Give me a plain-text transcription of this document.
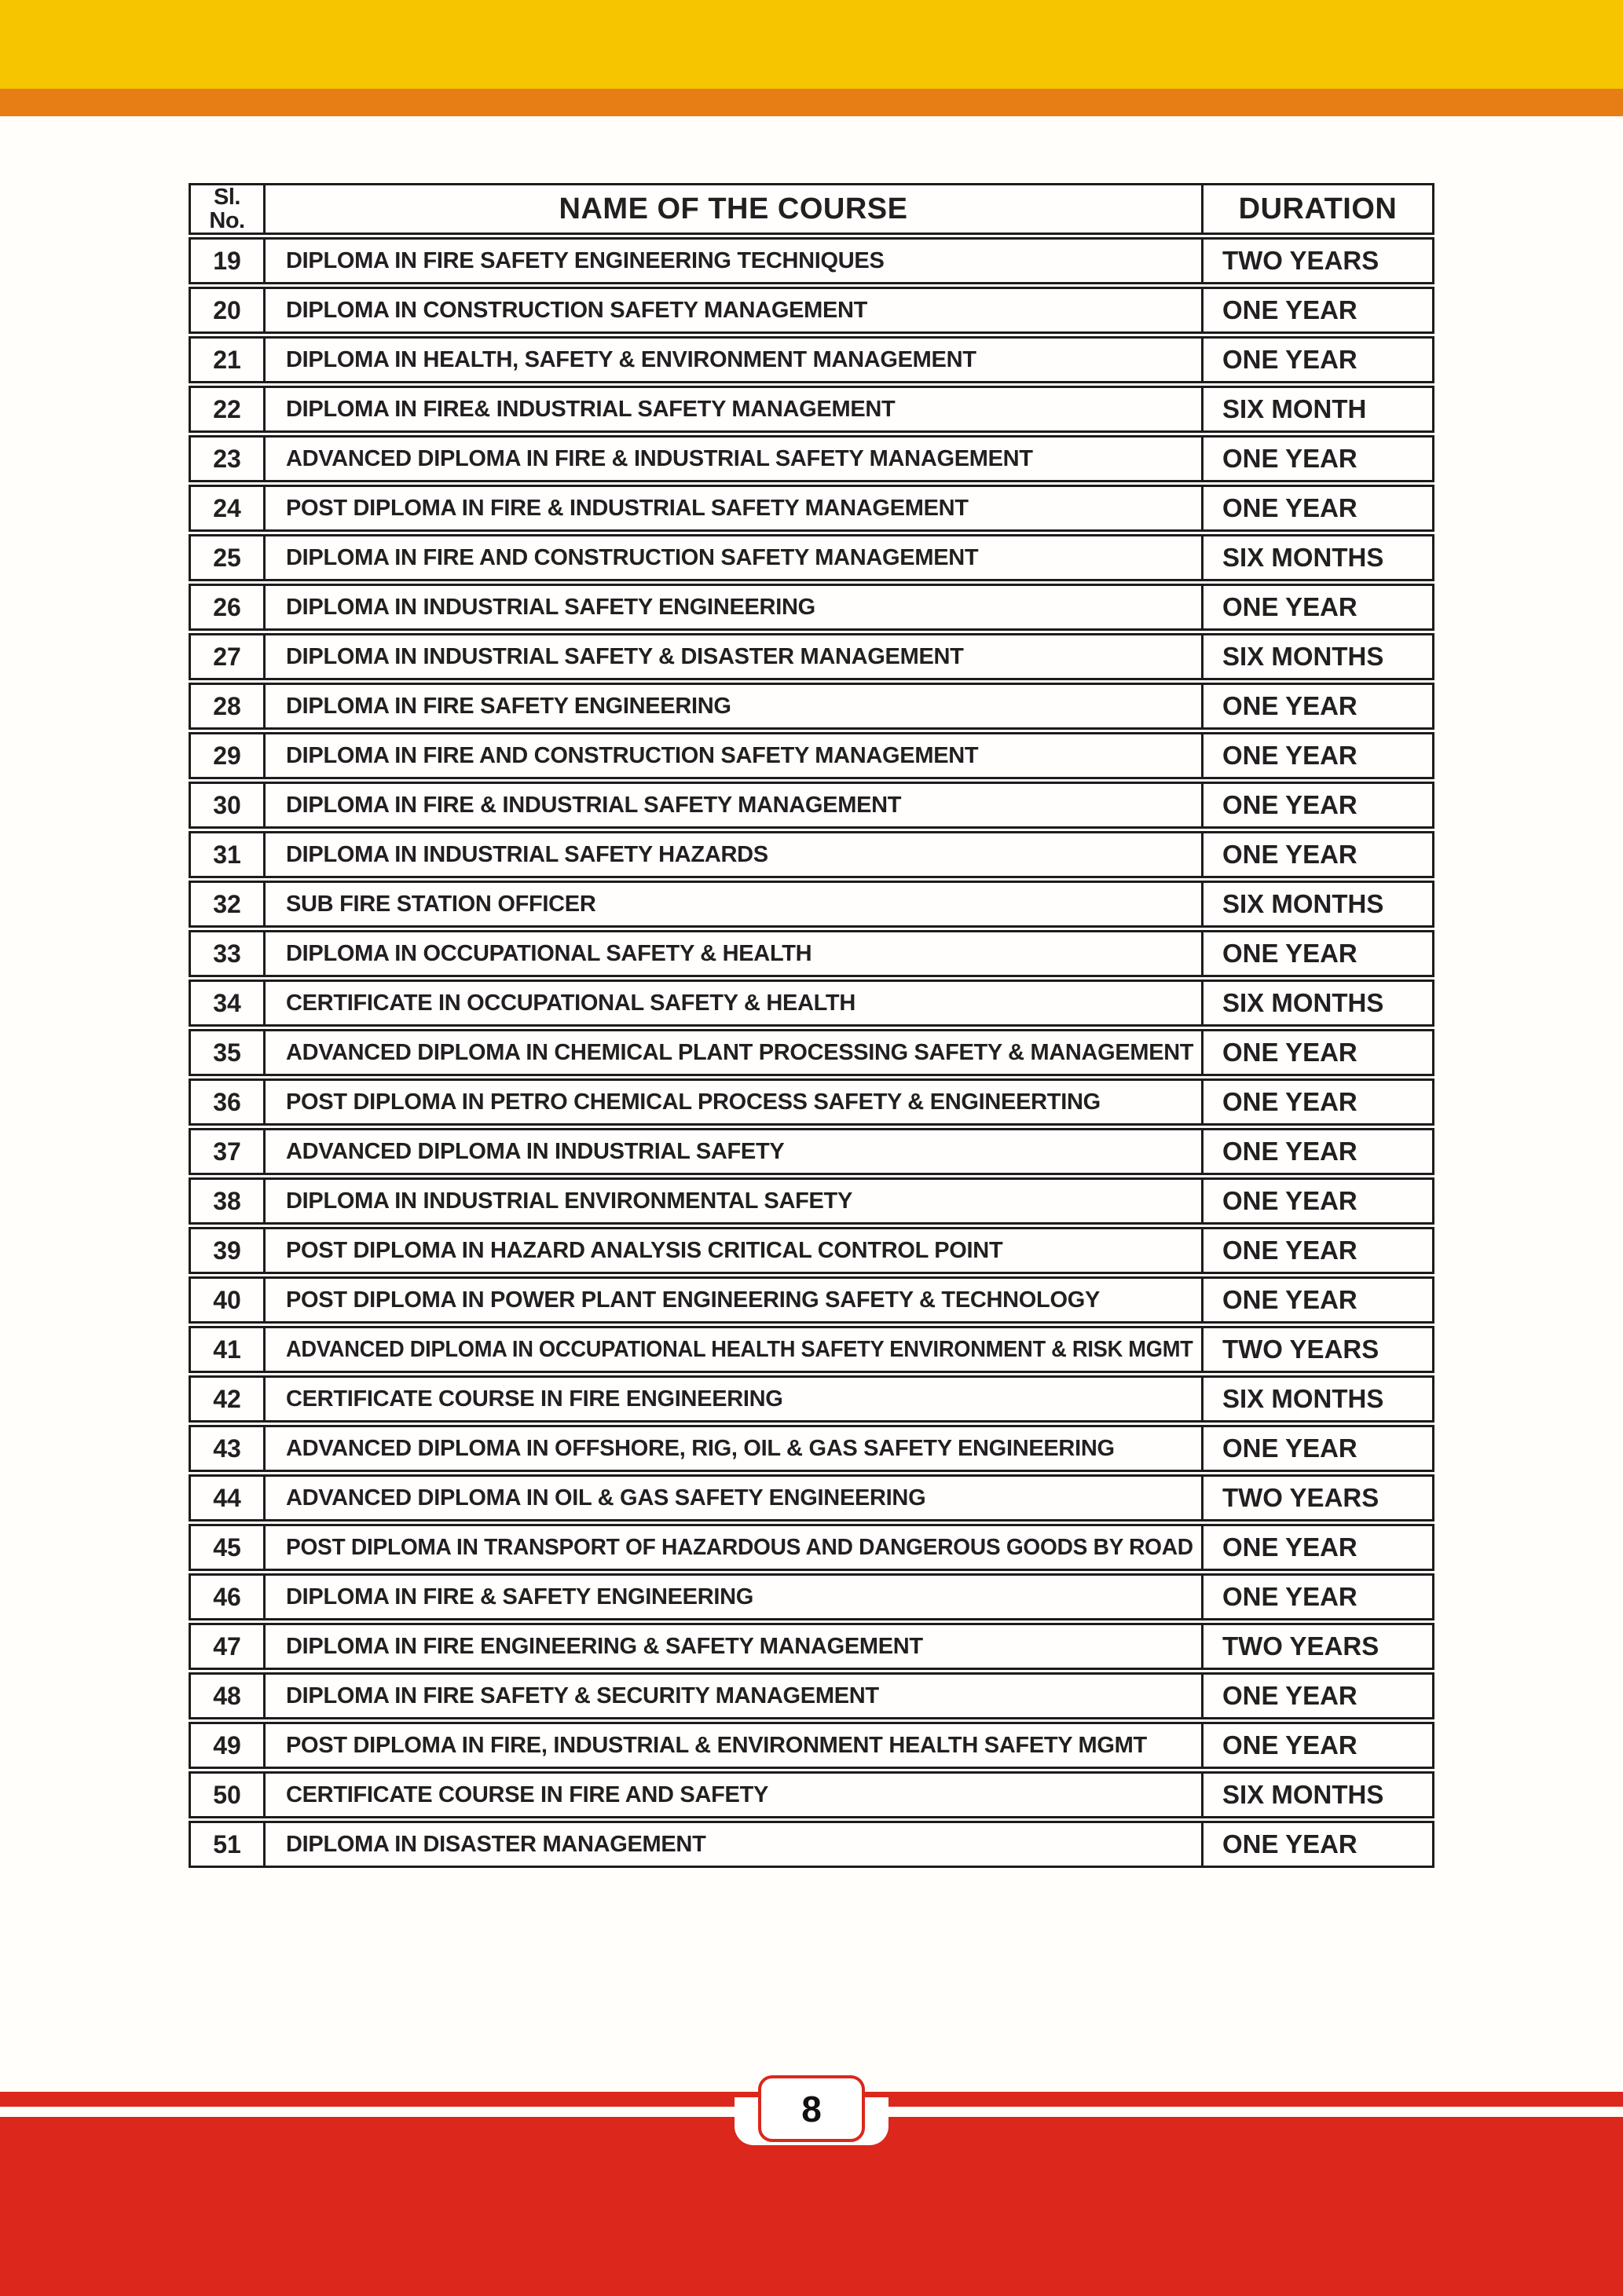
Sl.
No.	NAME OF THE COURSE	DURATION
19	DIPLOMA IN FIRE SAFETY ENGINEERING TECHNIQUES	TWO YEARS
20	DIPLOMA IN CONSTRUCTION SAFETY MANAGEMENT	ONE YEAR
21	DIPLOMA IN HEALTH, SAFETY & ENVIRONMENT MANAGEMENT	ONE YEAR
22	DIPLOMA IN FIRE& INDUSTRIAL SAFETY MANAGEMENT	SIX MONTH
23	ADVANCED DIPLOMA IN FIRE & INDUSTRIAL SAFETY MANAGEMENT	ONE YEAR
24	POST DIPLOMA IN FIRE & INDUSTRIAL SAFETY MANAGEMENT	ONE YEAR
25	DIPLOMA IN FIRE AND CONSTRUCTION SAFETY MANAGEMENT	SIX MONTHS
26	DIPLOMA IN INDUSTRIAL SAFETY ENGINEERING	ONE YEAR
27	DIPLOMA IN INDUSTRIAL SAFETY & DISASTER MANAGEMENT	SIX MONTHS
28	DIPLOMA IN FIRE SAFETY ENGINEERING	ONE YEAR
29	DIPLOMA IN FIRE AND CONSTRUCTION SAFETY MANAGEMENT	ONE YEAR
30	DIPLOMA IN FIRE & INDUSTRIAL SAFETY MANAGEMENT	ONE YEAR
31	DIPLOMA IN INDUSTRIAL SAFETY HAZARDS	ONE YEAR
32	SUB FIRE STATION OFFICER	SIX MONTHS
33	DIPLOMA IN OCCUPATIONAL SAFETY & HEALTH	ONE YEAR
34	CERTIFICATE IN OCCUPATIONAL SAFETY & HEALTH	SIX MONTHS
35	ADVANCED DIPLOMA IN CHEMICAL PLANT PROCESSING SAFETY & MANAGEMENT	ONE YEAR
36	POST DIPLOMA IN PETRO CHEMICAL PROCESS SAFETY & ENGINEERTING	ONE YEAR
37	ADVANCED DIPLOMA IN INDUSTRIAL SAFETY	ONE YEAR
38	DIPLOMA IN INDUSTRIAL ENVIRONMENTAL SAFETY	ONE YEAR
39	POST DIPLOMA IN HAZARD ANALYSIS CRITICAL CONTROL POINT	ONE YEAR
40	POST DIPLOMA IN POWER PLANT ENGINEERING SAFETY & TECHNOLOGY	ONE YEAR
41	ADVANCED DIPLOMA IN OCCUPATIONAL HEALTH SAFETY ENVIRONMENT & RISK MGMT	TWO YEARS
42	CERTIFICATE COURSE IN FIRE ENGINEERING	SIX MONTHS
43	ADVANCED DIPLOMA IN OFFSHORE, RIG, OIL & GAS SAFETY ENGINEERING	ONE YEAR
44	ADVANCED DIPLOMA IN OIL & GAS SAFETY ENGINEERING	TWO YEARS
45	POST DIPLOMA IN TRANSPORT OF HAZARDOUS AND DANGEROUS GOODS BY ROAD	ONE YEAR
46	DIPLOMA IN FIRE & SAFETY ENGINEERING	ONE YEAR
47	DIPLOMA IN FIRE ENGINEERING & SAFETY MANAGEMENT	TWO YEARS
48	DIPLOMA IN FIRE SAFETY & SECURITY MANAGEMENT	ONE YEAR
49	POST DIPLOMA IN FIRE, INDUSTRIAL & ENVIRONMENT HEALTH SAFETY MGMT	ONE YEAR
50	CERTIFICATE COURSE IN FIRE AND SAFETY	SIX MONTHS
51	DIPLOMA IN DISASTER MANAGEMENT	ONE YEAR
8
